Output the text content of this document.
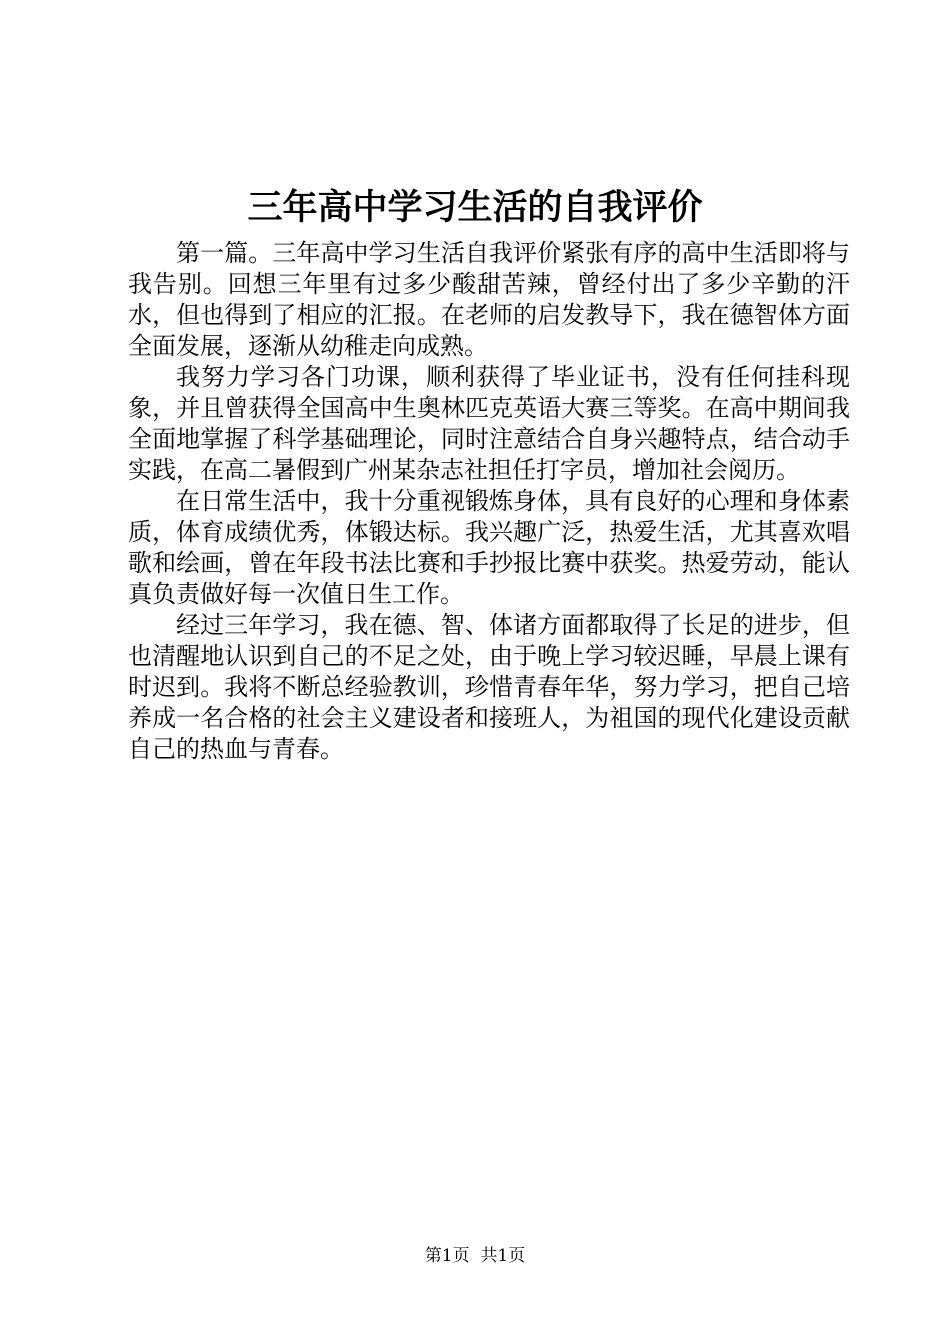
三年高中学习生活的自我评价

第一篇。三年高中学习生活自我评价紧张有序的高中生活即将与我告别。回想三年里有过多少酸甜苦辣，曾经付出了多少辛勤的汗水，但也得到了相应的汇报。在老师的启发教导下，我在德智体方面全面发展，逐渐从幼稚走向成熟。

我努力学习各门功课，顺利获得了毕业证书，没有任何挂科现象，并且曾获得全国高中生奥林匹克英语大赛三等奖。在高中期间我全面地掌握了科学基础理论，同时注意结合自身兴趣特点，结合动手实践，在高二暑假到广州某杂志社担任打字员，增加社会阅历。

在日常生活中，我十分重视锻炼身体，具有良好的心理和身体素质，体育成绩优秀，体锻达标。我兴趣广泛，热爱生活，尤其喜欢唱歌和绘画，曾在年段书法比赛和手抄报比赛中获奖。热爱劳动，能认真负责做好每一次值日生工作。

经过三年学习，我在德、智、体诸方面都取得了长足的进步，但也清醒地认识到自己的不足之处，由于晚上学习较迟睡，早晨上课有时迟到。我将不断总经验教训，珍惜青春年华，努力学习，把自己培养成一名合格的社会主义建设者和接班人，为祖国的现代化建设贡献自己的热血与青春。

第1页 共1页
